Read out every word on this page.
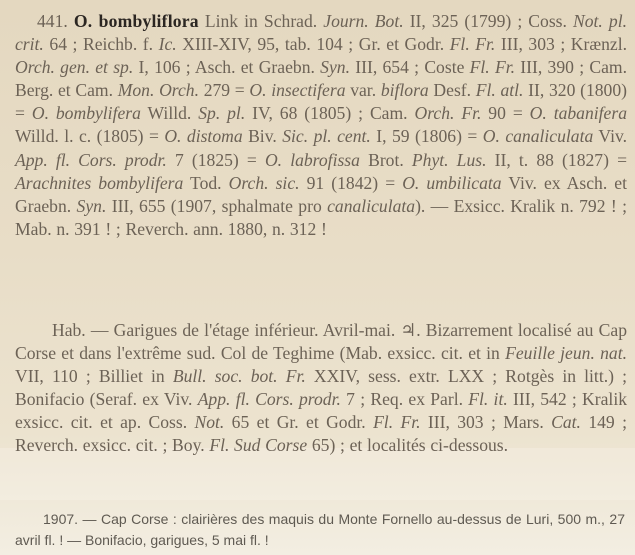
441. O. bombyliflora Link in Schrad. Journ. Bot. II, 325 (1799) ; Coss. Not. pl. crit. 64 ; Reichb. f. Ic. XIII-XIV, 95, tab. 104 ; Gr. et Godr. Fl. Fr. III, 303 ; Krænzl. Orch. gen. et sp. I, 106 ; Asch. et Graebn. Syn. III, 654 ; Coste Fl. Fr. III, 390 ; Cam. Berg. et Cam. Mon. Orch. 279 = O. insectifera var. biflora Desf. Fl. atl. II, 320 (1800) = O. bombylifera Willd. Sp. pl. IV, 68 (1805) ; Cam. Orch. Fr. 90 = O. tabanifera Willd. l. c. (1805) = O. distoma Biv. Sic. pl. cent. I, 59 (1806) = O. canaliculata Viv. App. fl. Cors. prodr. 7 (1825) = O. labrofissa Brot. Phyt. Lus. II, t. 88 (1827) = Arachnites bombylifera Tod. Orch. sic. 91 (1842) = O. umbilicata Viv. ex Asch. et Graebn. Syn. III, 655 (1907, sphalmate pro canaliculata). — Exsicc. Kralik n. 792 ! ; Mab. n. 391 ! ; Reverch. ann. 1880, n. 312 !
Hab. — Garigues de l'étage inférieur. Avril-mai. ♃. Bizarrement localisé au Cap Corse et dans l'extrême sud. Col de Teghime (Mab. exsicc. cit. et in Feuille jeun. nat. VII, 110 ; Billiet in Bull. soc. bot. Fr. XXIV, sess. extr. LXX ; Rotgès in litt.) ; Bonifacio (Seraf. ex Viv. App. fl. Cors. prodr. 7 ; Req. ex Parl. Fl. it. III, 542 ; Kralik exsicc. cit. et ap. Coss. Not. 65 et Gr. et Godr. Fl. Fr. III, 303 ; Mars. Cat. 149 ; Reverch. exsicc. cit. ; Boy. Fl. Sud Corse 65) ; et localités ci-dessous.
1907. — Cap Corse : clairières des maquis du Monte Fornello au-dessus de Luri, 500 m., 27 avril fl. ! — Bonifacio, garigues, 5 mai fl. !
